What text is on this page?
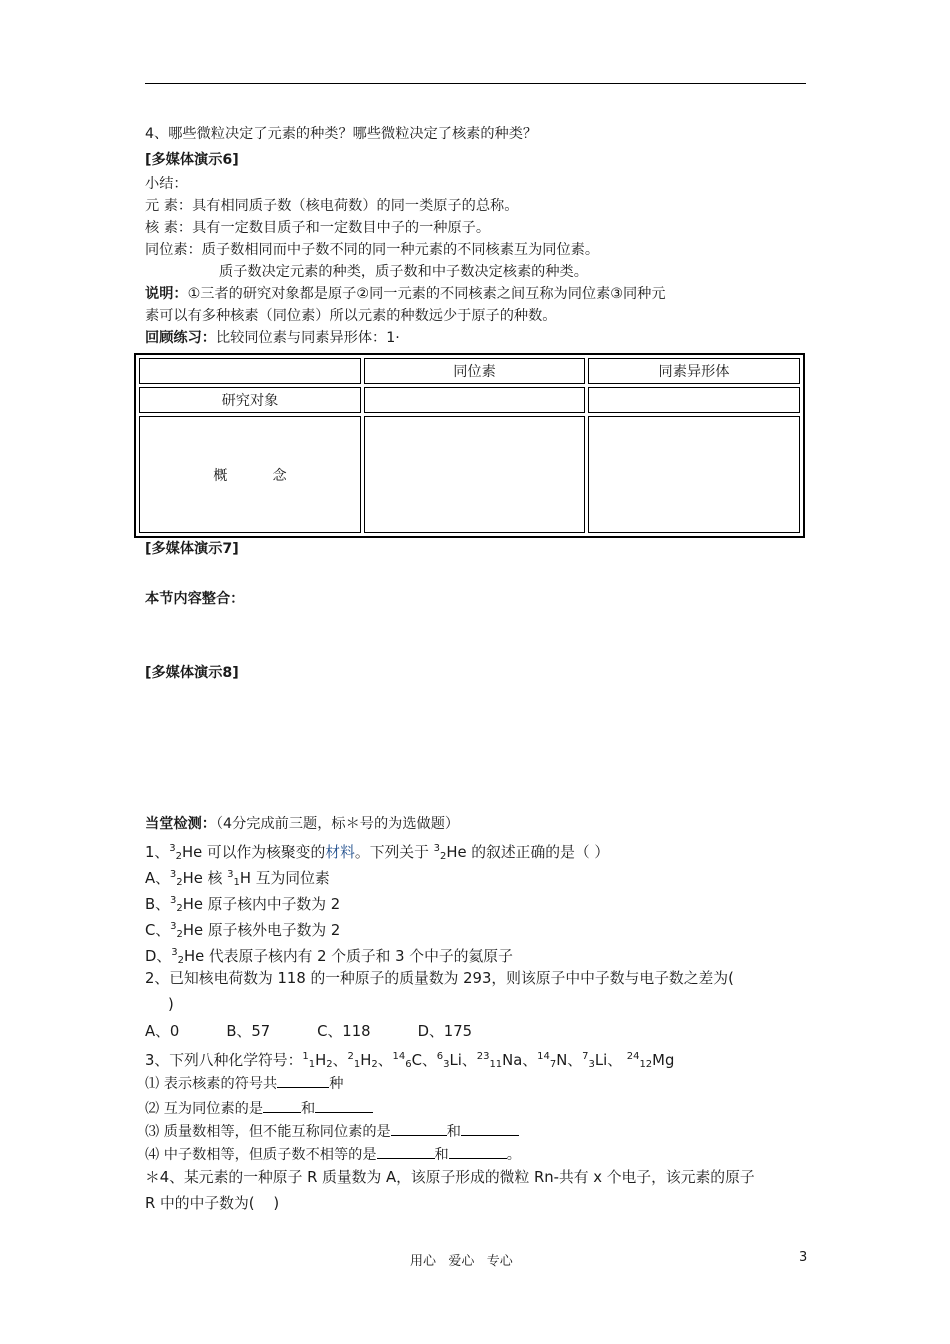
4、哪些微粒决定了元素的种类？哪些微粒决定了核素的种类？
[多媒体演示6]
小结：
元 素：具有相同质子数（核电荷数）的同一类原子的总称。
核 素：具有一定数目质子和一定数目中子的一种原子。
同位素：质子数相同而中子数不同的同一种元素的不同核素互为同位素。
质子数决定元素的种类，质子数和中子数决定核素的种类。
说明：①三者的研究对象都是原子②同一元素的不同核素之间互称为同位素③同种元
素可以有多种核素（同位素）所以元素的种数远少于原子的种数。
回顾练习：比较同位素与同素异形体：1·
	同位素	同素异形体
研究对象		
概          念		
[多媒体演示7]
本节内容整合：
[多媒体演示8]
当堂检测：（4分完成前三题，标＊号的为选做题）
1、$^3_2$He 可以作为核聚变的材料。下列关于 $^3_2$He 的叙述正确的是（ ）
A、$^3_2$He 核 $^3_1$H 互为同位素
B、$^3_2$He 原子核内中子数为 2
C、$^3_2$He 原子核外电子数为 2
D、$^3_2$He 代表原子核内有 2 个质子和 3 个中子的氦原子
2、已知核电荷数为 118 的一种原子的质量数为 293，则该原子中中子数与电子数之差为(
)
A、0          B、57          C、118          D、175
3、下列八种化学符号：$^1_1H_2$、$^2_1H_2$、$^{14}_6$C、$^6_3$Li、$^{23}_{11}$Na、$^{14}_7$N、$^7_3$Li、 $^{24}_{12}$Mg
⑴ 表示核素的符号共	种
⑵ 互为同位素的是	和
⑶ 质量数相等，但不能互称同位素的是	和
⑷ 中子数相等，但质子数不相等的是	和	。
＊4、某元素的一种原子 R 质量数为 A，该原子形成的微粒 Rn-共有 x 个电子，该元素的原子
R 中的中子数为(    )
用心   爱心   专心	3
